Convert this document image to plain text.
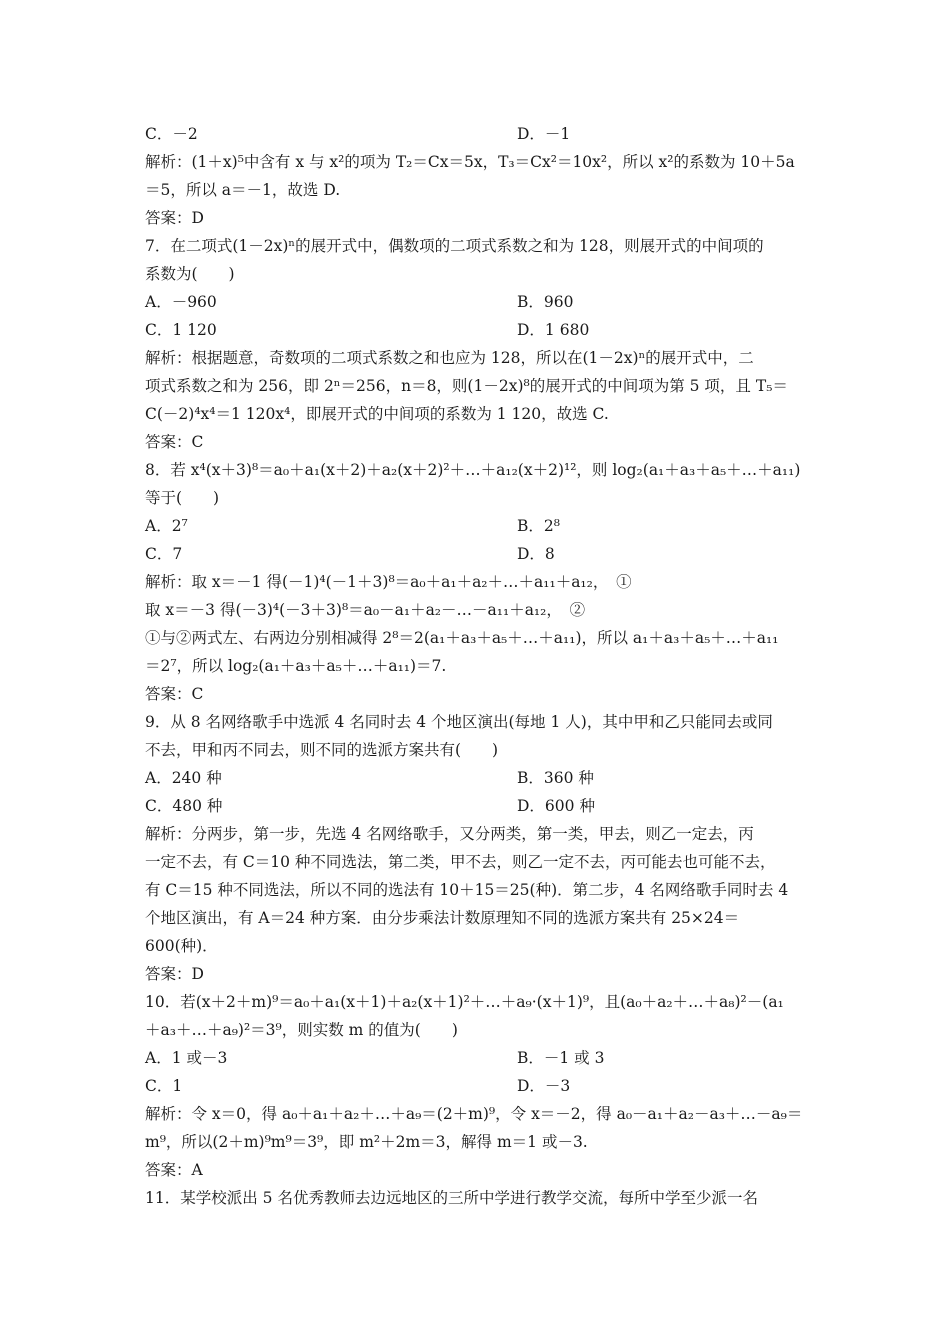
C．－2	D．－1
解析：(1＋x)⁵中含有 x 与 x²的项为 T₂＝Cx＝5x，T₃＝Cx²＝10x²，所以 x²的系数为 10＋5a
＝5，所以 a＝－1，故选 D.
答案：D
7．在二项式(1－2x)ⁿ的展开式中，偶数项的二项式系数之和为 128，则展开式的中间项的
系数为(　　)
A．－960	B．960
C．1 120	D．1 680
解析：根据题意，奇数项的二项式系数之和也应为 128，所以在(1－2x)ⁿ的展开式中，二
项式系数之和为 256，即 2ⁿ＝256，n＝8，则(1－2x)⁸的展开式的中间项为第 5 项，且 T₅＝
C(－2)⁴x⁴＝1 120x⁴，即展开式的中间项的系数为 1 120，故选 C.
答案：C
8．若 x⁴(x＋3)⁸＝a₀＋a₁(x＋2)＋a₂(x＋2)²＋…＋a₁₂(x＋2)¹²，则 log₂(a₁＋a₃＋a₅＋…＋a₁₁)
等于(　　)
A．2⁷	B．2⁸
C．7	D．8
解析：取 x＝－1 得(－1)⁴(－1＋3)⁸＝a₀＋a₁＋a₂＋…＋a₁₁＋a₁₂，　①
取 x＝－3 得(－3)⁴(－3＋3)⁸＝a₀－a₁＋a₂－…－a₁₁＋a₁₂，　②
①与②两式左、右两边分别相减得 2⁸＝2(a₁＋a₃＋a₅＋…＋a₁₁)，所以 a₁＋a₃＋a₅＋…＋a₁₁
＝2⁷，所以 log₂(a₁＋a₃＋a₅＋…＋a₁₁)＝7.
答案：C
9．从 8 名网络歌手中选派 4 名同时去 4 个地区演出(每地 1 人)，其中甲和乙只能同去或同
不去，甲和丙不同去，则不同的选派方案共有(　　)
A．240 种	B．360 种
C．480 种	D．600 种
解析：分两步，第一步，先选 4 名网络歌手，又分两类，第一类，甲去，则乙一定去，丙
一定不去，有 C＝10 种不同选法，第二类，甲不去，则乙一定不去，丙可能去也可能不去，
有 C＝15 种不同选法，所以不同的选法有 10＋15＝25(种)．第二步，4 名网络歌手同时去 4
个地区演出，有 A＝24 种方案．由分步乘法计数原理知不同的选派方案共有 25×24＝
600(种)．
答案：D
10．若(x＋2＋m)⁹＝a₀＋a₁(x＋1)＋a₂(x＋1)²＋…＋a₉·(x＋1)⁹，且(a₀＋a₂＋…＋a₈)²－(a₁
＋a₃＋…＋a₉)²＝3⁹，则实数 m 的值为(　　)
A．1 或－3	B．－1 或 3
C．1	D．－3
解析：令 x＝0，得 a₀＋a₁＋a₂＋…＋a₉＝(2＋m)⁹，令 x＝－2，得 a₀－a₁＋a₂－a₃＋…－a₉＝
m⁹，所以(2＋m)⁹m⁹＝3⁹，即 m²＋2m＝3，解得 m＝1 或－3.
答案：A
11．某学校派出 5 名优秀教师去边远地区的三所中学进行教学交流，每所中学至少派一名
